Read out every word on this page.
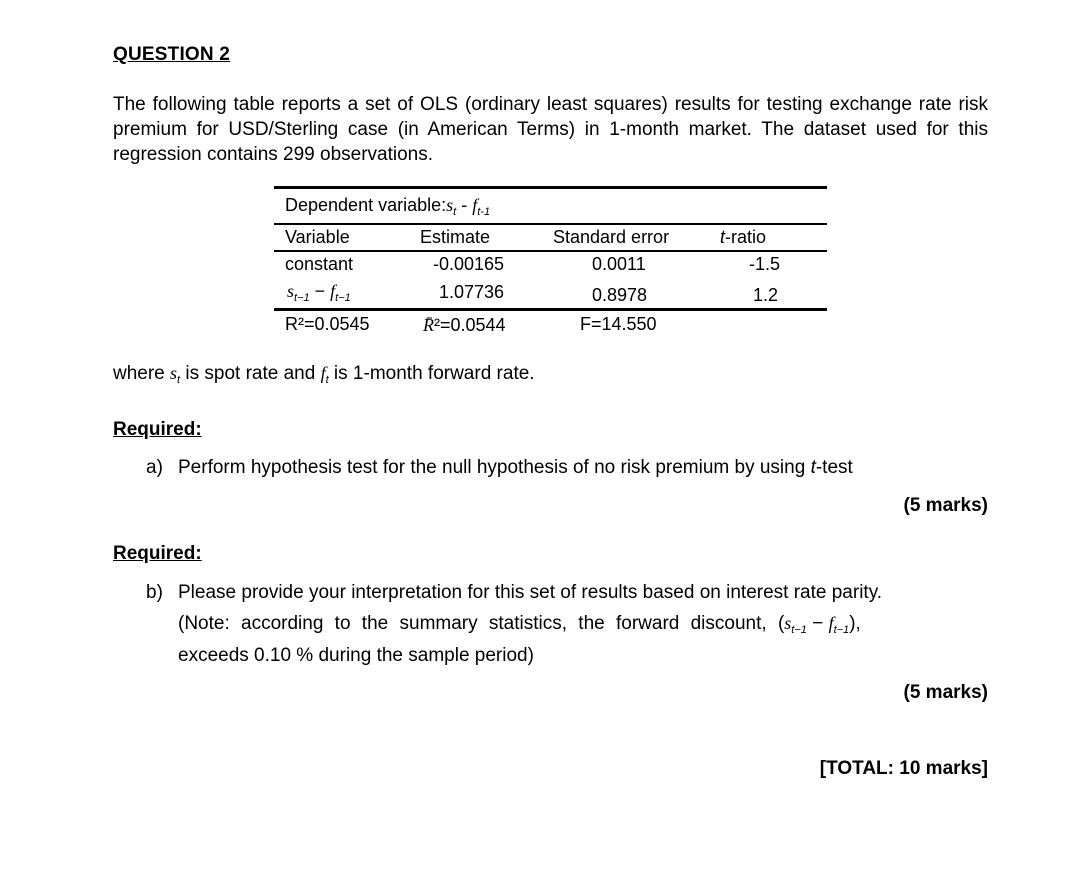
QUESTION 2

The following table reports a set of OLS (ordinary least squares) results for testing exchange rate risk premium for USD/Sterling case (in American Terms) in 1-month market. The dataset used for this regression contains 299 observations.

Dependent $variable:s_t - f_{t-1}$
Variable	Estimate	Standard error	t-ratio
constant	-0.00165	0.0011	-1.5
$s_{t-1} - f_{t-1}$	1.07736	0.8978	1.2
R²=0.0545	R̄²=0.0544	F=14.550
where $s_t$ is spot rate and $f_t$ is 1-month forward rate.
Required:
a) Perform hypothesis test for the null hypothesis of no risk premium by using t-test
(5 marks)
Required:
b) Please provide your interpretation for this set of results based on interest rate parity.
(Note: according to the summary statistics, the forward discount, $(s_{t-1} - f_{t-1})$,
exceeds 0.10 % during the sample period)
(5 marks)
[TOTAL: 10 marks]
